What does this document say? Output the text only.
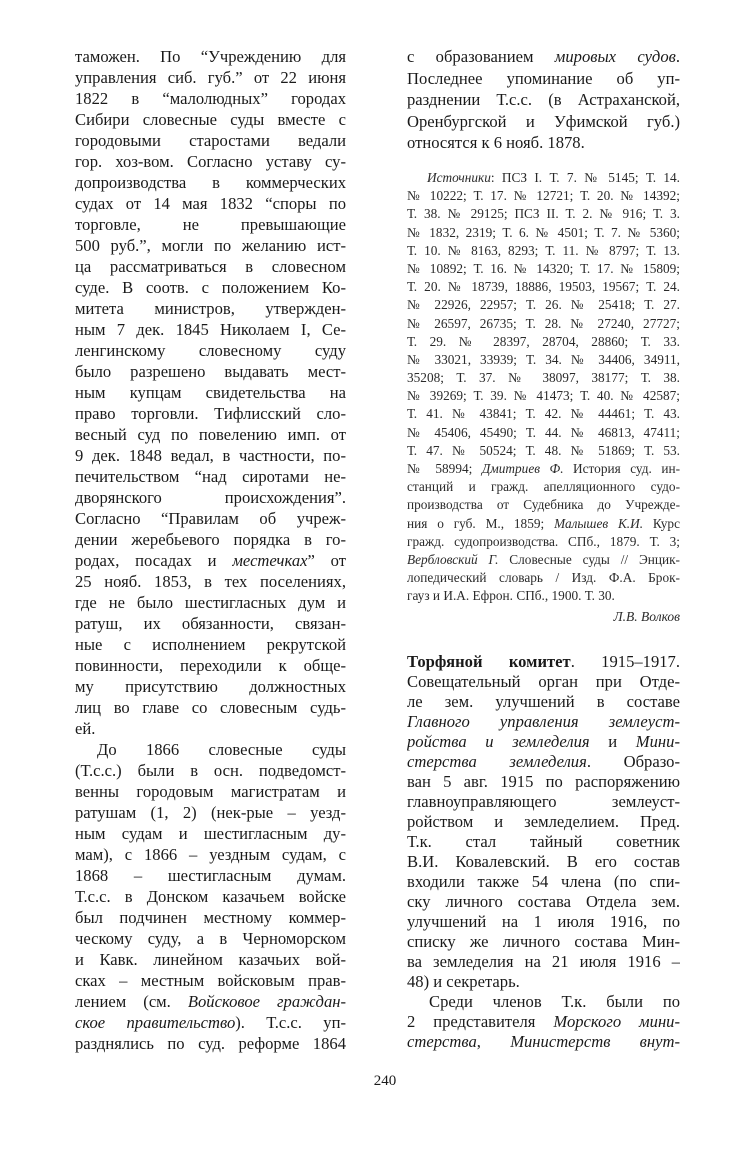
таможен. По “Учреждению для
управления сиб. губ.” от 22 июня
1822 в “малолюдных” городах
Сибири словесные суды вместе с
городовыми старостами ведали
гор. хоз-вом. Согласно уставу су-
допроизводства в коммерческих
судах от 14 мая 1832 “споры по
торговле, не превышающие
500 руб.”, могли по желанию ист-
ца рассматриваться в словесном
суде. В соотв. с положением Ко-
митета министров, утвержден-
ным 7 дек. 1845 Николаем I, Се-
ленгинскому словесному суду
было разрешено выдавать мест-
ным купцам свидетельства на
право торговли. Тифлисский сло-
весный суд по повелению имп. от
9 дек. 1848 ведал, в частности, по-
печительством “над сиротами не-
дворянского происхождения”.
Согласно “Правилам об учреж-
дении жеребьевого порядка в го-
родах, посадах и местечках” от
25 нояб. 1853, в тех поселениях,
где не было шестигласных дум и
ратуш, их обязанности, связан-
ные с исполнением рекрутской
повинности, переходили к обще-
му присутствию должностных
лиц во главе со словесным судь-
ей.
До 1866 словесные суды
(Т.с.с.) были в осн. подведомст-
венны городовым магистратам и
ратушам (1, 2) (нек-рые – уезд-
ным судам и шестигласным ду-
мам), с 1866 – уездным судам, с
1868 – шестигласным думам.
Т.с.с. в Донском казачьем войске
был подчинен местному коммер-
ческому суду, а в Черноморском
и Кавк. линейном казачьих вой-
сках – местным войсковым прав-
лением (см. Войсковое граждан-
ское правительство). Т.с.с. уп-
разднялись по суд. реформе 1864
с образованием мировых судов.
Последнее упоминание об уп-
разднении Т.с.с. (в Астраханской,
Оренбургской и Уфимской губ.)
относятся к 6 нояб. 1878.
Источники: ПСЗ I. Т. 7. № 5145; Т. 14.
№ 10222; Т. 17. № 12721; Т. 20. № 14392;
Т. 38. № 29125; ПСЗ II. Т. 2. № 916; Т. 3.
№ 1832, 2319; Т. 6. № 4501; Т. 7. № 5360;
Т. 10. № 8163, 8293; Т. 11. № 8797; Т. 13.
№ 10892; Т. 16. № 14320; Т. 17. № 15809;
Т. 20. № 18739, 18886, 19503, 19567; Т. 24.
№ 22926, 22957; Т. 26. № 25418; Т. 27.
№ 26597, 26735; Т. 28. № 27240, 27727;
Т. 29. № 28397, 28704, 28860; Т. 33.
№ 33021, 33939; Т. 34. № 34406, 34911,
35208; Т. 37. № 38097, 38177; Т. 38.
№ 39269; Т. 39. № 41473; Т. 40. № 42587;
Т. 41. № 43841; Т. 42. № 44461; Т. 43.
№ 45406, 45490; Т. 44. № 46813, 47411;
Т. 47. № 50524; Т. 48. № 51869; Т. 53.
№ 58994; Дмитриев Ф. История суд. ин-
станций и гражд. апелляционного судо-
производства от Судебника до Учрежде-
ния о губ. М., 1859; Малышев К.И. Курс
гражд. судопроизводства. СПб., 1879. Т. 3;
Вербловский Г. Словесные суды // Энцик-
лопедический словарь / Изд. Ф.А. Брок-
гауз и И.А. Ефрон. СПб., 1900. Т. 30.
Л.В. Волков
Торфяной комитет. 1915–1917.
Совещательный орган при Отде-
ле зем. улучшений в составе
Главного управления землеуст-
ройства и земледелия и Мини-
стерства земледелия. Образо-
ван 5 авг. 1915 по распоряжению
главноуправляющего землеуст-
ройством и земледелием. Пред.
Т.к. стал тайный советник
В.И. Ковалевский. В его состав
входили также 54 члена (по спи-
ску личного состава Отдела зем.
улучшений на 1 июля 1916, по
списку же личного состава Мин-
ва земледелия на 21 июля 1916 –
48) и секретарь.
Среди членов Т.к. были по
2 представителя Морского мини-
стерства, Министерств внут-
240
